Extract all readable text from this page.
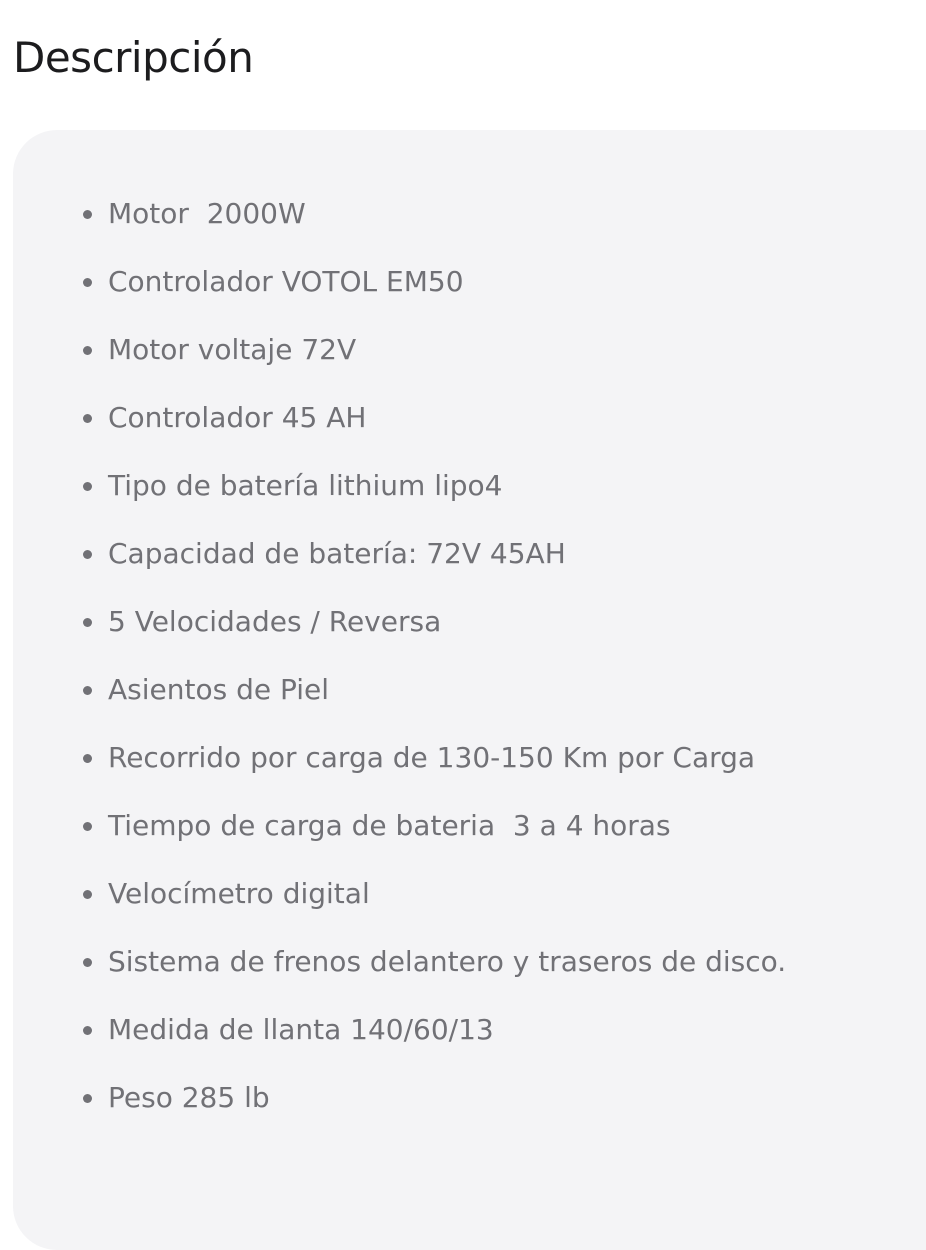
Descripción
Motor  2000W
Controlador VOTOL EM50
Motor voltaje 72V
Controlador 45 AH
Tipo de batería lithium lipo4
Capacidad de batería: 72V 45AH
5 Velocidades / Reversa
Asientos de Piel
Recorrido por carga de 130-150 Km por Carga
Tiempo de carga de bateria  3 a 4 horas
Velocímetro digital
Sistema de frenos delantero y traseros de disco.
Medida de llanta 140/60/13
Peso 285 lb
